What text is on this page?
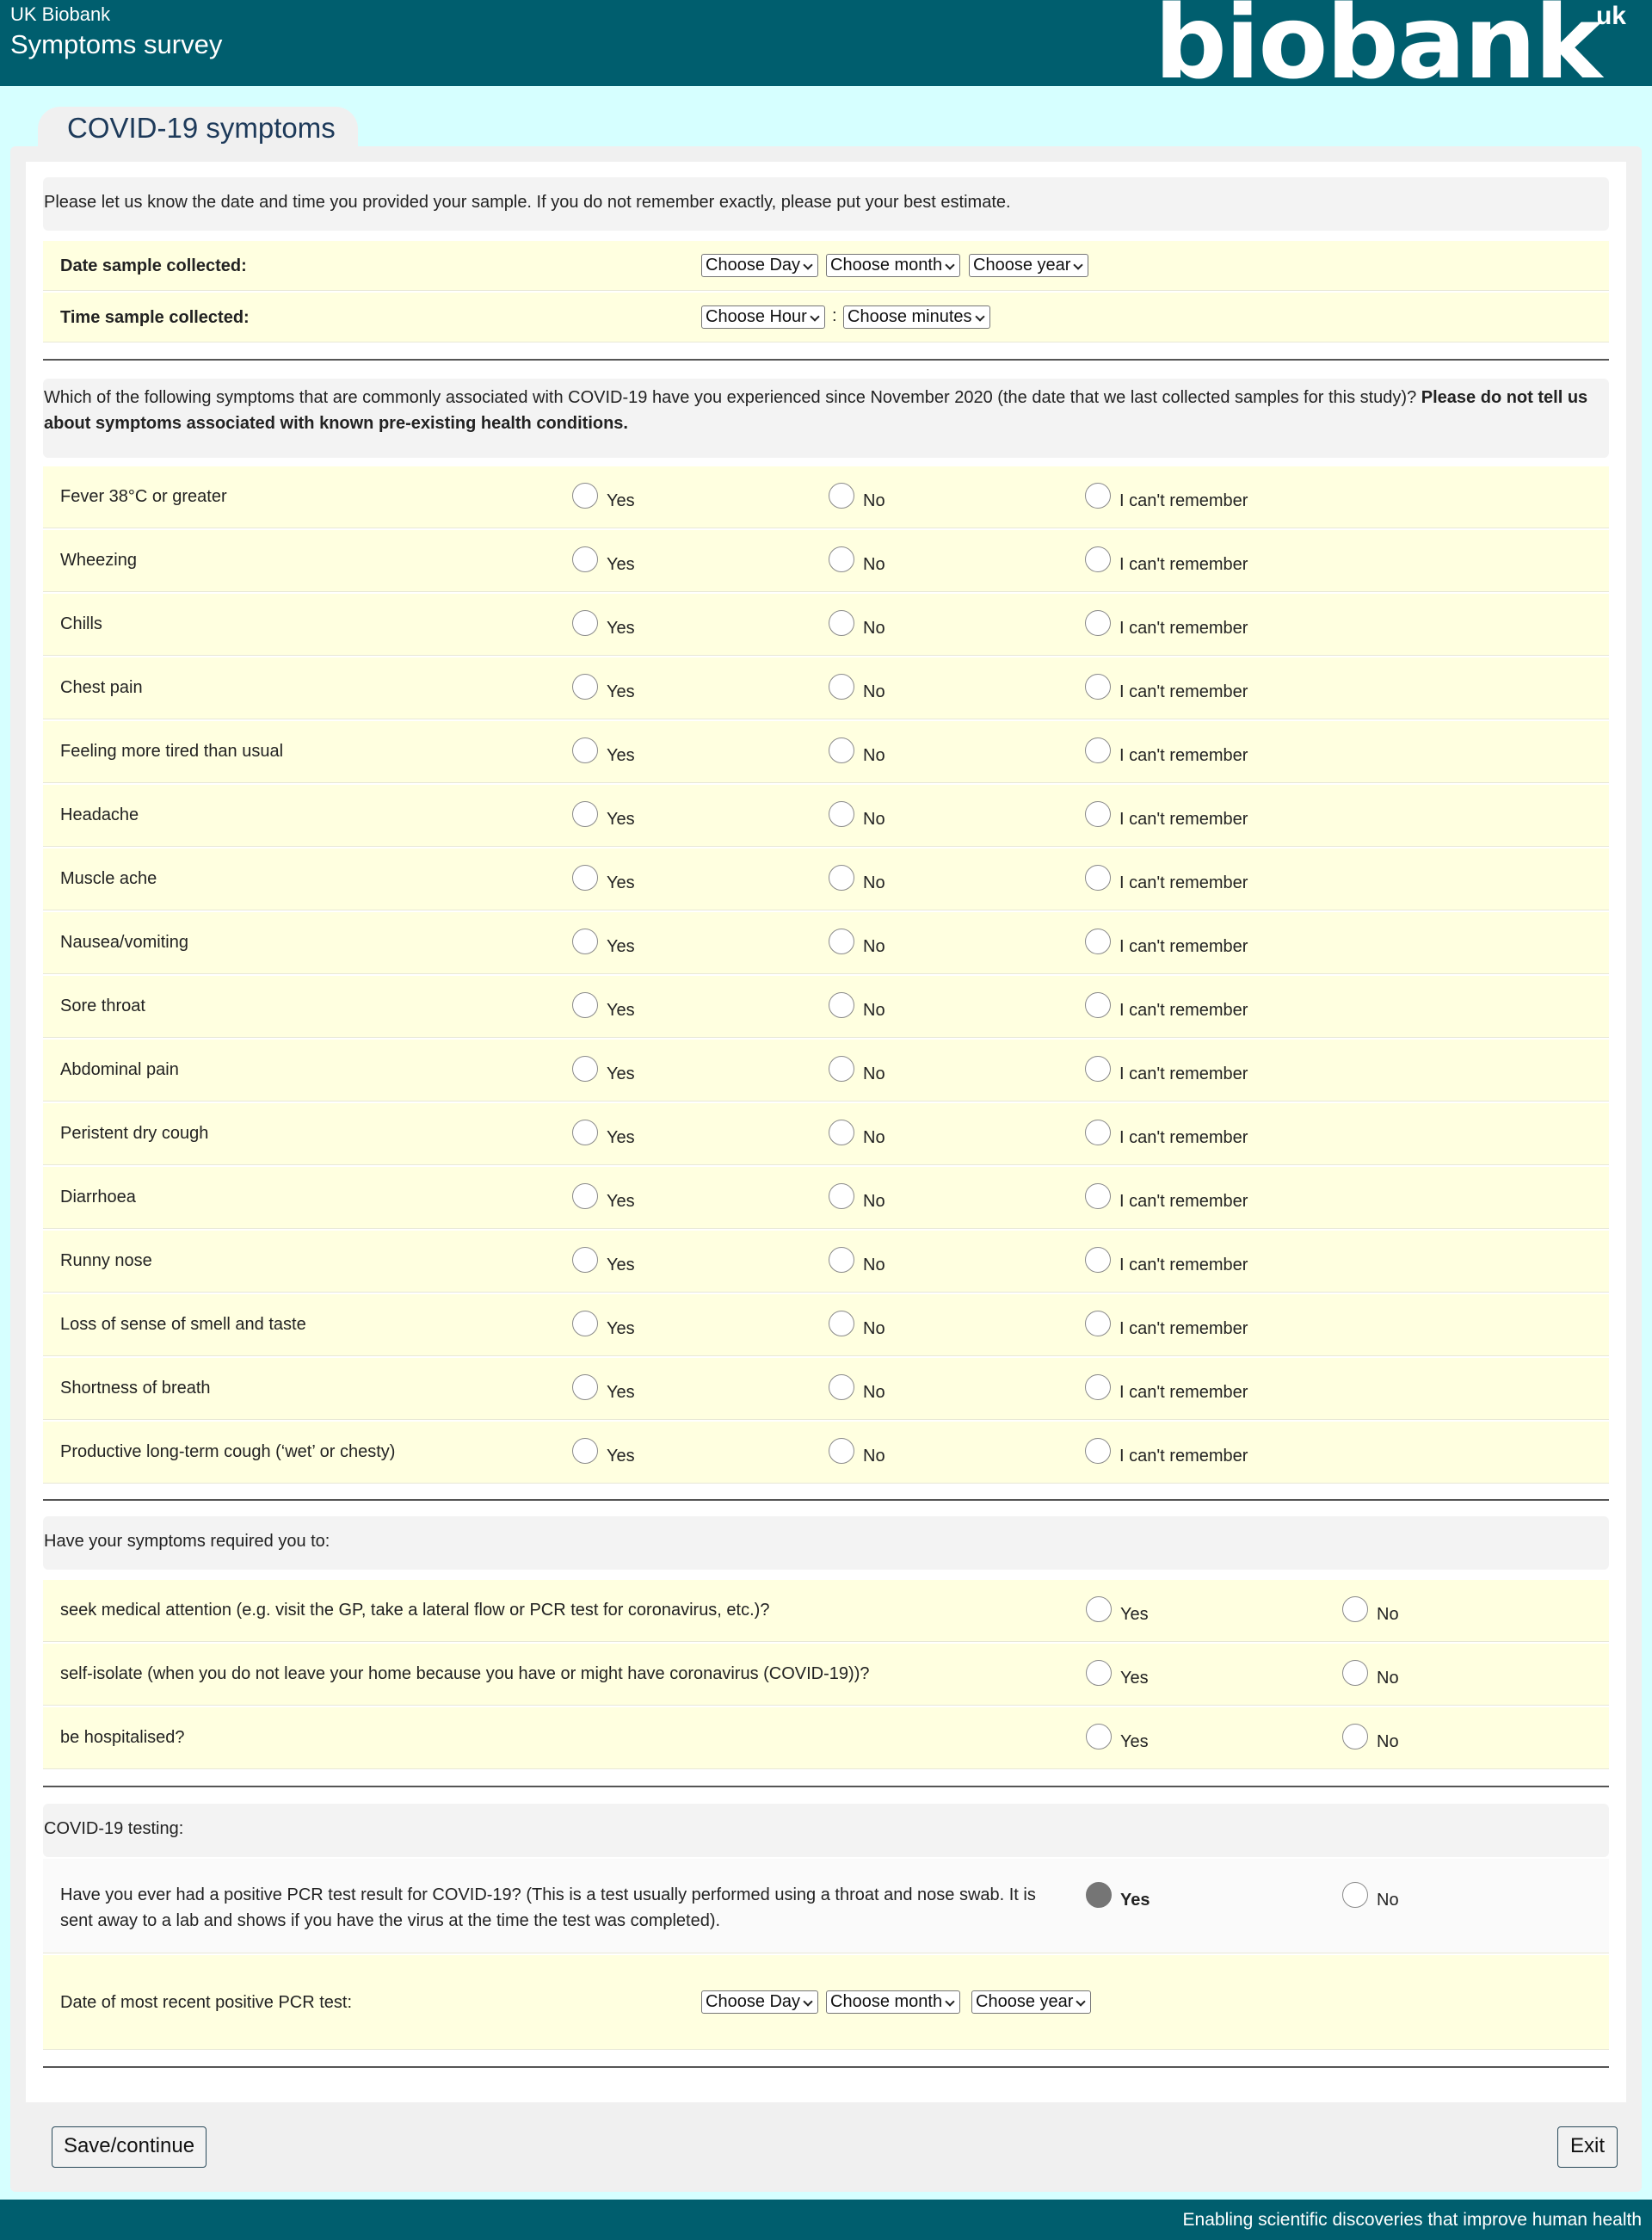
UK Biobank
Symptoms survey	biobank
uk
COVID-19 symptoms
Please let us know the date and time you provided your sample. If you do not remember exactly, please put your best estimate.
Date sample collected:	Choose Day	Choose month	Choose year
Time sample collected:	Choose Hour	: Choose minutes
Which of the following symptoms that are commonly associated with COVID-19 have you experienced since November 2020 (the date that we last collected samples for this study)? Please do not tell us about symptoms associated with known pre-existing health conditions.
Fever 38°C or greater	Yes	No	I can't remember
Wheezing	Yes	No	I can't remember
Chills	Yes	No	I can't remember
Chest pain	Yes	No	I can't remember
Feeling more tired than usual	Yes	No	I can't remember
Headache	Yes	No	I can't remember
Muscle ache	Yes	No	I can't remember
Nausea/vomiting	Yes	No	I can't remember
Sore throat	Yes	No	I can't remember
Abdominal pain	Yes	No	I can't remember
Peristent dry cough	Yes	No	I can't remember
Diarrhoea	Yes	No	I can't remember
Runny nose	Yes	No	I can't remember
Loss of sense of smell and taste	Yes	No	I can't remember
Shortness of breath	Yes	No	I can't remember
Productive long-term cough (‘wet’ or chesty)	Yes	No	I can't remember
Have your symptoms required you to:
seek medical attention (e.g. visit the GP, take a lateral flow or PCR test for coronavirus, etc.)?	Yes	No
self-isolate (when you do not leave your home because you have or might have coronavirus (COVID-19))?	Yes	No
be hospitalised?	Yes	No
COVID-19 testing:
Have you ever had a positive PCR test result for COVID-19? (This is a test usually performed using a throat and nose swab. It is sent away to a lab and shows if you have the virus at the time the test was completed).
Yes	No
Date of most recent positive PCR test:	Choose Day	Choose month	Choose year
Save/continue	Exit
Enabling scientific discoveries that improve human health
